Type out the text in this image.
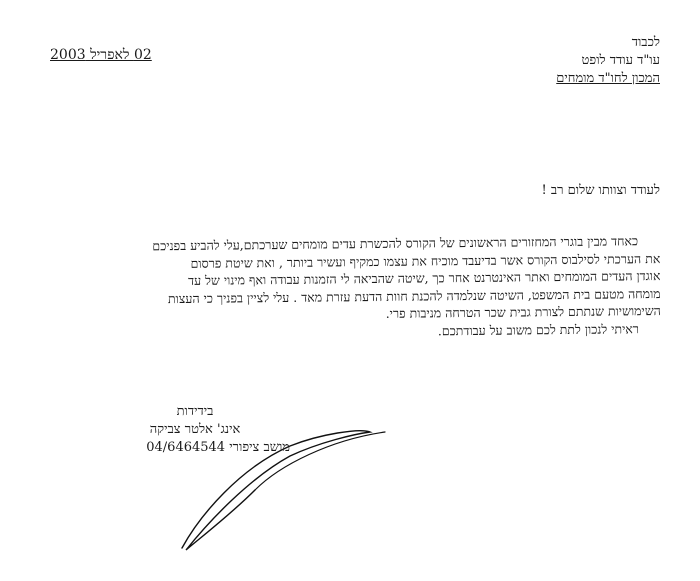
02 לאפריל 2003
לכבוד
עו"ד עודד לופט
המכון לחו"ד מומחים
לעודד וצוותו שלום רב !
כאחד מבין בוגרי המחזורים הראשונים של הקורס להכשרת עדים מומחים שערכתם,עלי להביע בפניכם
את הערכתי לסילבוס הקורס אשר בדיעבד מוכיח את עצמו כמקיף ועשיר ביותר , ואת שיטת פרסום
אוגדן העדים המומחים ואתר האינטרנט אחר כך ,שיטה שהביאה לי הזמנות עבודה ואף מינוי של עד
מומחה מטעם בית המשפט, השיטה שנלמדה להכנת חוות הדעת עזרת מאד . עלי לציין בפניך כי העצות
השימושיות שנתתם לצורת גבית שכר הטרחה מניבות פרי.
ראיתי לנכון לתת לכם משוב על עבודתכם.
בידידות
אינג' אלטר צביקה
מושב ציפורי 04/6464544
